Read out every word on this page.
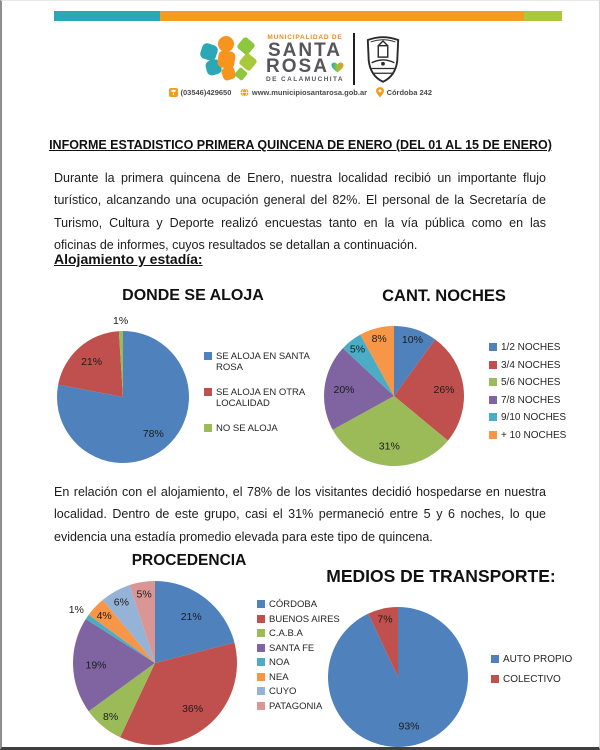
MUNICIPALIDAD DE
SANTA
ROSA
DE CALAMUCHITA
(03546)429650	www.municipiosantarosa.gob.ar	Córdoba 242
INFORME ESTADISTICO PRIMERA QUINCENA DE ENERO (DEL 01 AL 15 DE ENERO)
Durante la primera quincena de Enero, nuestra localidad recibió un importante flujo turístico, alcanzando una ocupación general del 82%. El personal de la Secretaría de Turismo, Cultura y Deporte realizó encuestas tanto en la vía pública como en las oficinas de informes, cuyos resultados se detallan a continuación.
Alojamiento y estadía:
DONDE SE ALOJA	CANT. NOCHES
78%
21%
1%
10%
26%
31%
20%
5%
8%
SE ALOJA EN SANTA ROSA
SE ALOJA EN OTRA LOCALIDAD
NO SE ALOJA
1/2 NOCHES
3/4 NOCHES
5/6 NOCHES
7/8 NOCHES
9/10 NOCHES
+ 10 NOCHES
En relación con el alojamiento, el 78% de los visitantes decidió hospedarse en nuestra localidad. Dentro de este grupo, casi el 31% permaneció entre 5 y 6 noches, lo que evidencia una estadía promedio elevada para este tipo de quincena.
PROCEDENCIA
MEDIOS DE TRANSPORTE:
21%
36%
8%
19%
1% 4%
6%
5%
93%
7%
CÓRDOBA
BUENOS AIRES
C.A.B.A
SANTA FE
NOA
NEA
CUYO
PATAGONIA
AUTO PROPIO
COLECTIVO
